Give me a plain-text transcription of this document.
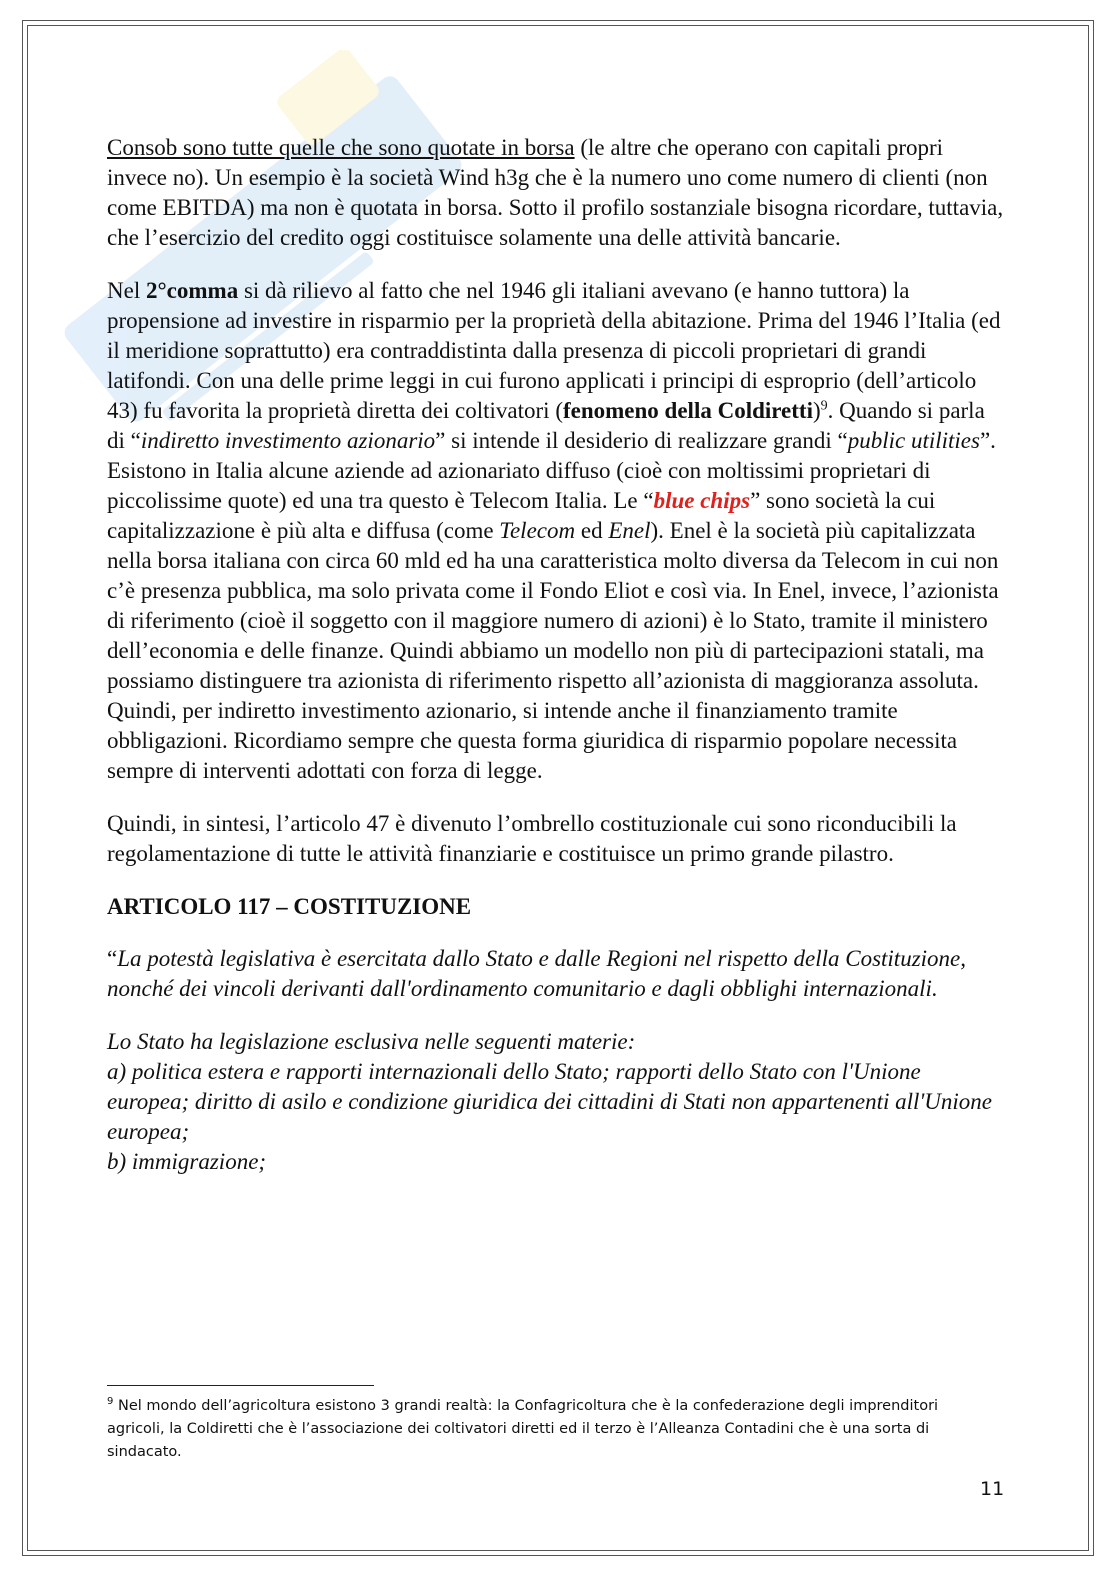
Consob sono tutte quelle che sono quotate in borsa (le altre che operano con capitali propri invece no). Un esempio è la società Wind h3g che è la numero uno come numero di clienti (non come EBITDA) ma non è quotata in borsa. Sotto il profilo sostanziale bisogna ricordare, tuttavia, che l’esercizio del credito oggi costituisce solamente una delle attività bancarie.

Nel 2°comma si dà rilievo al fatto che nel 1946 gli italiani avevano (e hanno tuttora) la propensione ad investire in risparmio per la proprietà della abitazione. Prima del 1946 l’Italia (ed il meridione soprattutto) era contraddistinta dalla presenza di piccoli proprietari di grandi latifondi. Con una delle prime leggi in cui furono applicati i principi di esproprio (dell’articolo 43) fu favorita la proprietà diretta dei coltivatori (fenomeno della Coldiretti)$^9$. Quando si parla di “indiretto investimento azionario” si intende il desiderio di realizzare grandi “public utilities”. Esistono in Italia alcune aziende ad azionariato diffuso (cioè con moltissimi proprietari di piccolissime quote) ed una tra questo è Telecom Italia. Le “blue chips” sono società la cui capitalizzazione è più alta e diffusa (come Telecom ed Enel). Enel è la società più capitalizzata nella borsa italiana con circa 60 mld ed ha una caratteristica molto diversa da Telecom in cui non c’è presenza pubblica, ma solo privata come il Fondo Eliot e così via. In Enel, invece, l’azionista di riferimento (cioè il soggetto con il maggiore numero di azioni) è lo Stato, tramite il ministero dell’economia e delle finanze. Quindi abbiamo un modello non più di partecipazioni statali, ma possiamo distinguere tra azionista di riferimento rispetto all’azionista di maggioranza assoluta. Quindi, per indiretto investimento azionario, si intende anche il finanziamento tramite obbligazioni. Ricordiamo sempre che questa forma giuridica di risparmio popolare necessita sempre di interventi adottati con forza di legge.

Quindi, in sintesi, l’articolo 47 è divenuto l’ombrello costituzionale cui sono riconducibili la regolamentazione di tutte le attività finanziarie e costituisce un primo grande pilastro.

ARTICOLO 117 – COSTITUZIONE

“La potestà legislativa è esercitata dallo Stato e dalle Regioni nel rispetto della Costituzione, nonché dei vincoli derivanti dall'ordinamento comunitario e dagli obblighi internazionali.

Lo Stato ha legislazione esclusiva nelle seguenti materie:
a) politica estera e rapporti internazionali dello Stato; rapporti dello Stato con l'Unione europea; diritto di asilo e condizione giuridica dei cittadini di Stati non appartenenti all'Unione europea;
b) immigrazione;
$^9$ Nel mondo dell’agricoltura esistono 3 grandi realtà: la Confagricoltura che è la confederazione degli imprenditori agricoli, la Coldiretti che è l’associazione dei coltivatori diretti ed il terzo è l’Alleanza Contadini che è una sorta di sindacato.
11
